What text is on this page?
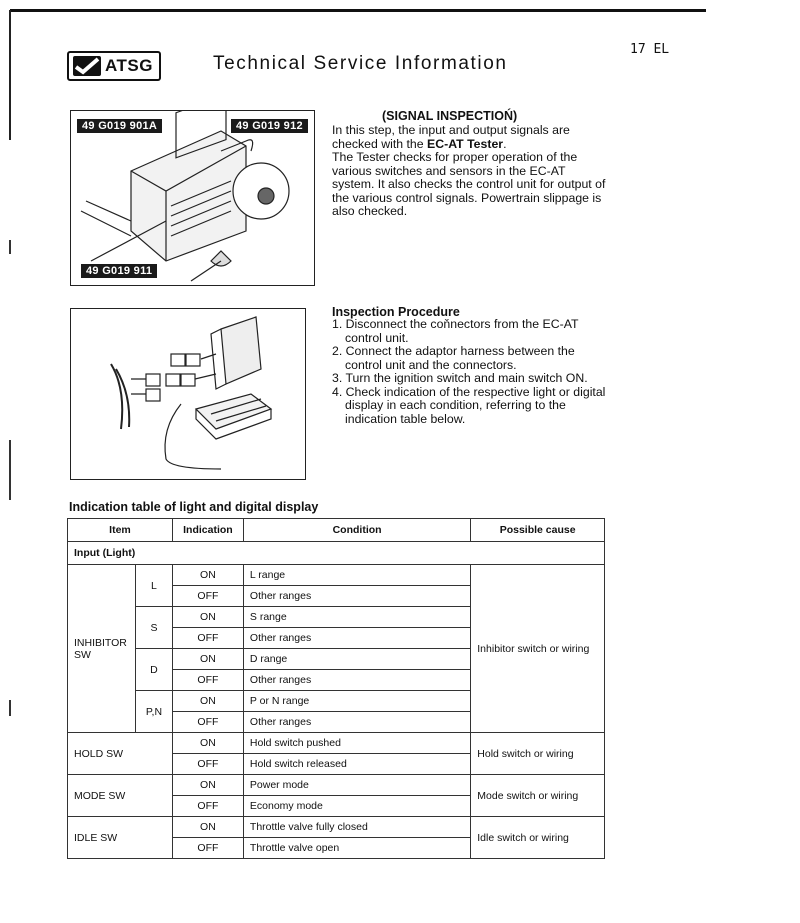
17 EL
ATSG	Technical Service Information
49 G019 901A	49 G019 912
49 G019 911
(SIGNAL INSPECTIOŃ)
In this step, the input and output signals are checked with the EC-AT Tester.
The Tester checks for proper operation of the various switches and sensors in the EC-AT system. It also checks the control unit for output of the various control signals. Powertrain slippage is also checked.
Inspection Procedure
1. Disconnect the coňnectors from the EC-AT control unit.
2. Connect the adaptor harness between the control unit and the connectors.
3. Turn the ignition switch and main switch ON.
4. Check indication of the respective light or digital display in each condition, referring to the indication table below.
Indication table of light and digital display
Item		Indication	Condition	Possible cause
Input (Light)				
INHIBITOR SW	L	ON	L range	Inhibitor switch or wiring
		OFF	Other ranges	
	S	ON	S range	
		OFF	Other ranges	
	D	ON	D range	
		OFF	Other ranges	
	P,N	ON	P or N range	
		OFF	Other ranges	
HOLD SW		ON	Hold switch pushed	Hold switch or wiring
		OFF	Hold switch released	
MODE SW		ON	Power mode	Mode switch or wiring
		OFF	Economy mode	
IDLE SW		ON	Throttle valve fully closed	Idle switch or wiring
		OFF	Throttle valve open	
